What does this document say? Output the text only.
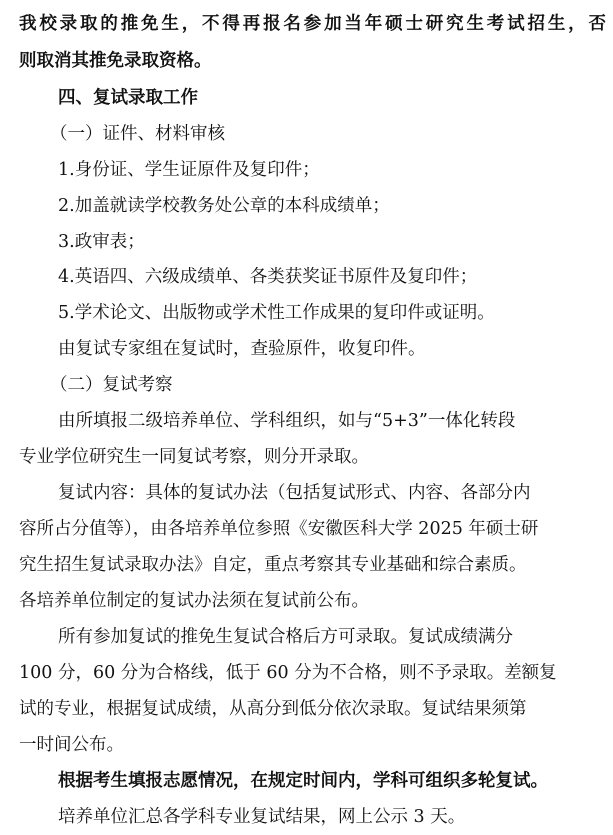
我校录取的推免生，不得再报名参加当年硕士研究生考试招生，否
则取消其推免录取资格。
四、复试录取工作
（一）证件、材料审核
1.身份证、学生证原件及复印件；
2.加盖就读学校教务处公章的本科成绩单；
3.政审表；
4.英语四、六级成绩单、各类获奖证书原件及复印件；
5.学术论文、出版物或学术性工作成果的复印件或证明。
由复试专家组在复试时，查验原件，收复印件。
（二）复试考察
由所填报二级培养单位、学科组织，如与“5+3”一体化转段
专业学位研究生一同复试考察，则分开录取。
复试内容：具体的复试办法（包括复试形式、内容、各部分内
容所占分值等），由各培养单位参照《安徽医科大学 2025 年硕士研
究生招生复试录取办法》自定，重点考察其专业基础和综合素质。
各培养单位制定的复试办法须在复试前公布。
所有参加复试的推免生复试合格后方可录取。复试成绩满分
100 分，60 分为合格线，低于 60 分为不合格，则不予录取。差额复
试的专业，根据复试成绩，从高分到低分依次录取。复试结果须第
一时间公布。
根据考生填报志愿情况，在规定时间内，学科可组织多轮复试。
培养单位汇总各学科专业复试结果，网上公示 3 天。
